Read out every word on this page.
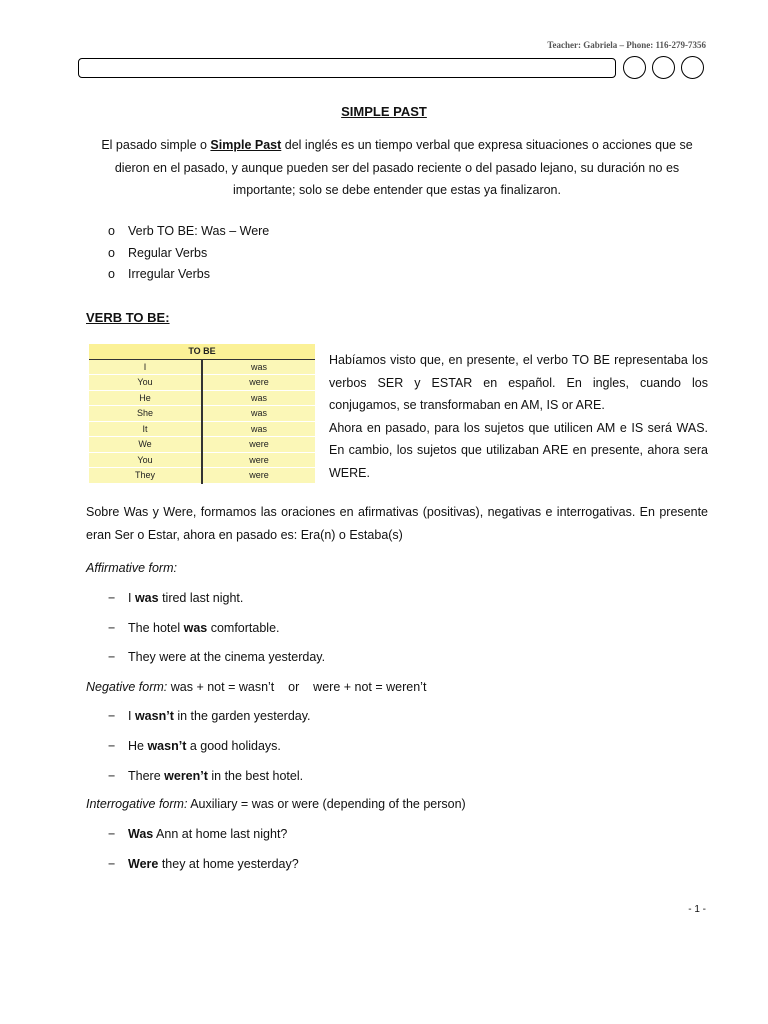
Teacher: Gabriela – Phone: 116-279-7356
SIMPLE PAST
El pasado simple o Simple Past del inglés es un tiempo verbal que expresa situaciones o acciones que se dieron en el pasado, y aunque pueden ser del pasado reciente o del pasado lejano, su duración no es importante; solo se debe entender que estas ya finalizaron.
o Verb TO BE: Was – Were
o Regular Verbs
o Irregular Verbs
VERB TO BE:
TO BE	
I	was
You	were
He	was
She	was
It	was
We	were
You	were
They	were
Habíamos visto que, en presente, el verbo TO BE representaba los verbos SER y ESTAR en español. En ingles, cuando los conjugamos, se transformaban en AM, IS or ARE.
Ahora en pasado, para los sujetos que utilicen AM e IS será WAS. En cambio, los sujetos que utilizaban ARE en presente, ahora sera WERE.
Sobre Was y Were, formamos las oraciones en afirmativas (positivas), negativas e interrogativas. En presente eran Ser o Estar, ahora en pasado es: Era(n) o Estaba(s)
Affirmative form:
− I was tired last night.
− The hotel was comfortable.
− They were at the cinema yesterday.
Negative form: was + not = wasn’t    or    were + not = weren’t
− I wasn’t in the garden yesterday.
− He wasn’t a good holidays.
− There weren’t in the best hotel.
Interrogative form: Auxiliary = was or were (depending of the person)
− Was Ann at home last night?
− Were they at home yesterday?
- 1 -
